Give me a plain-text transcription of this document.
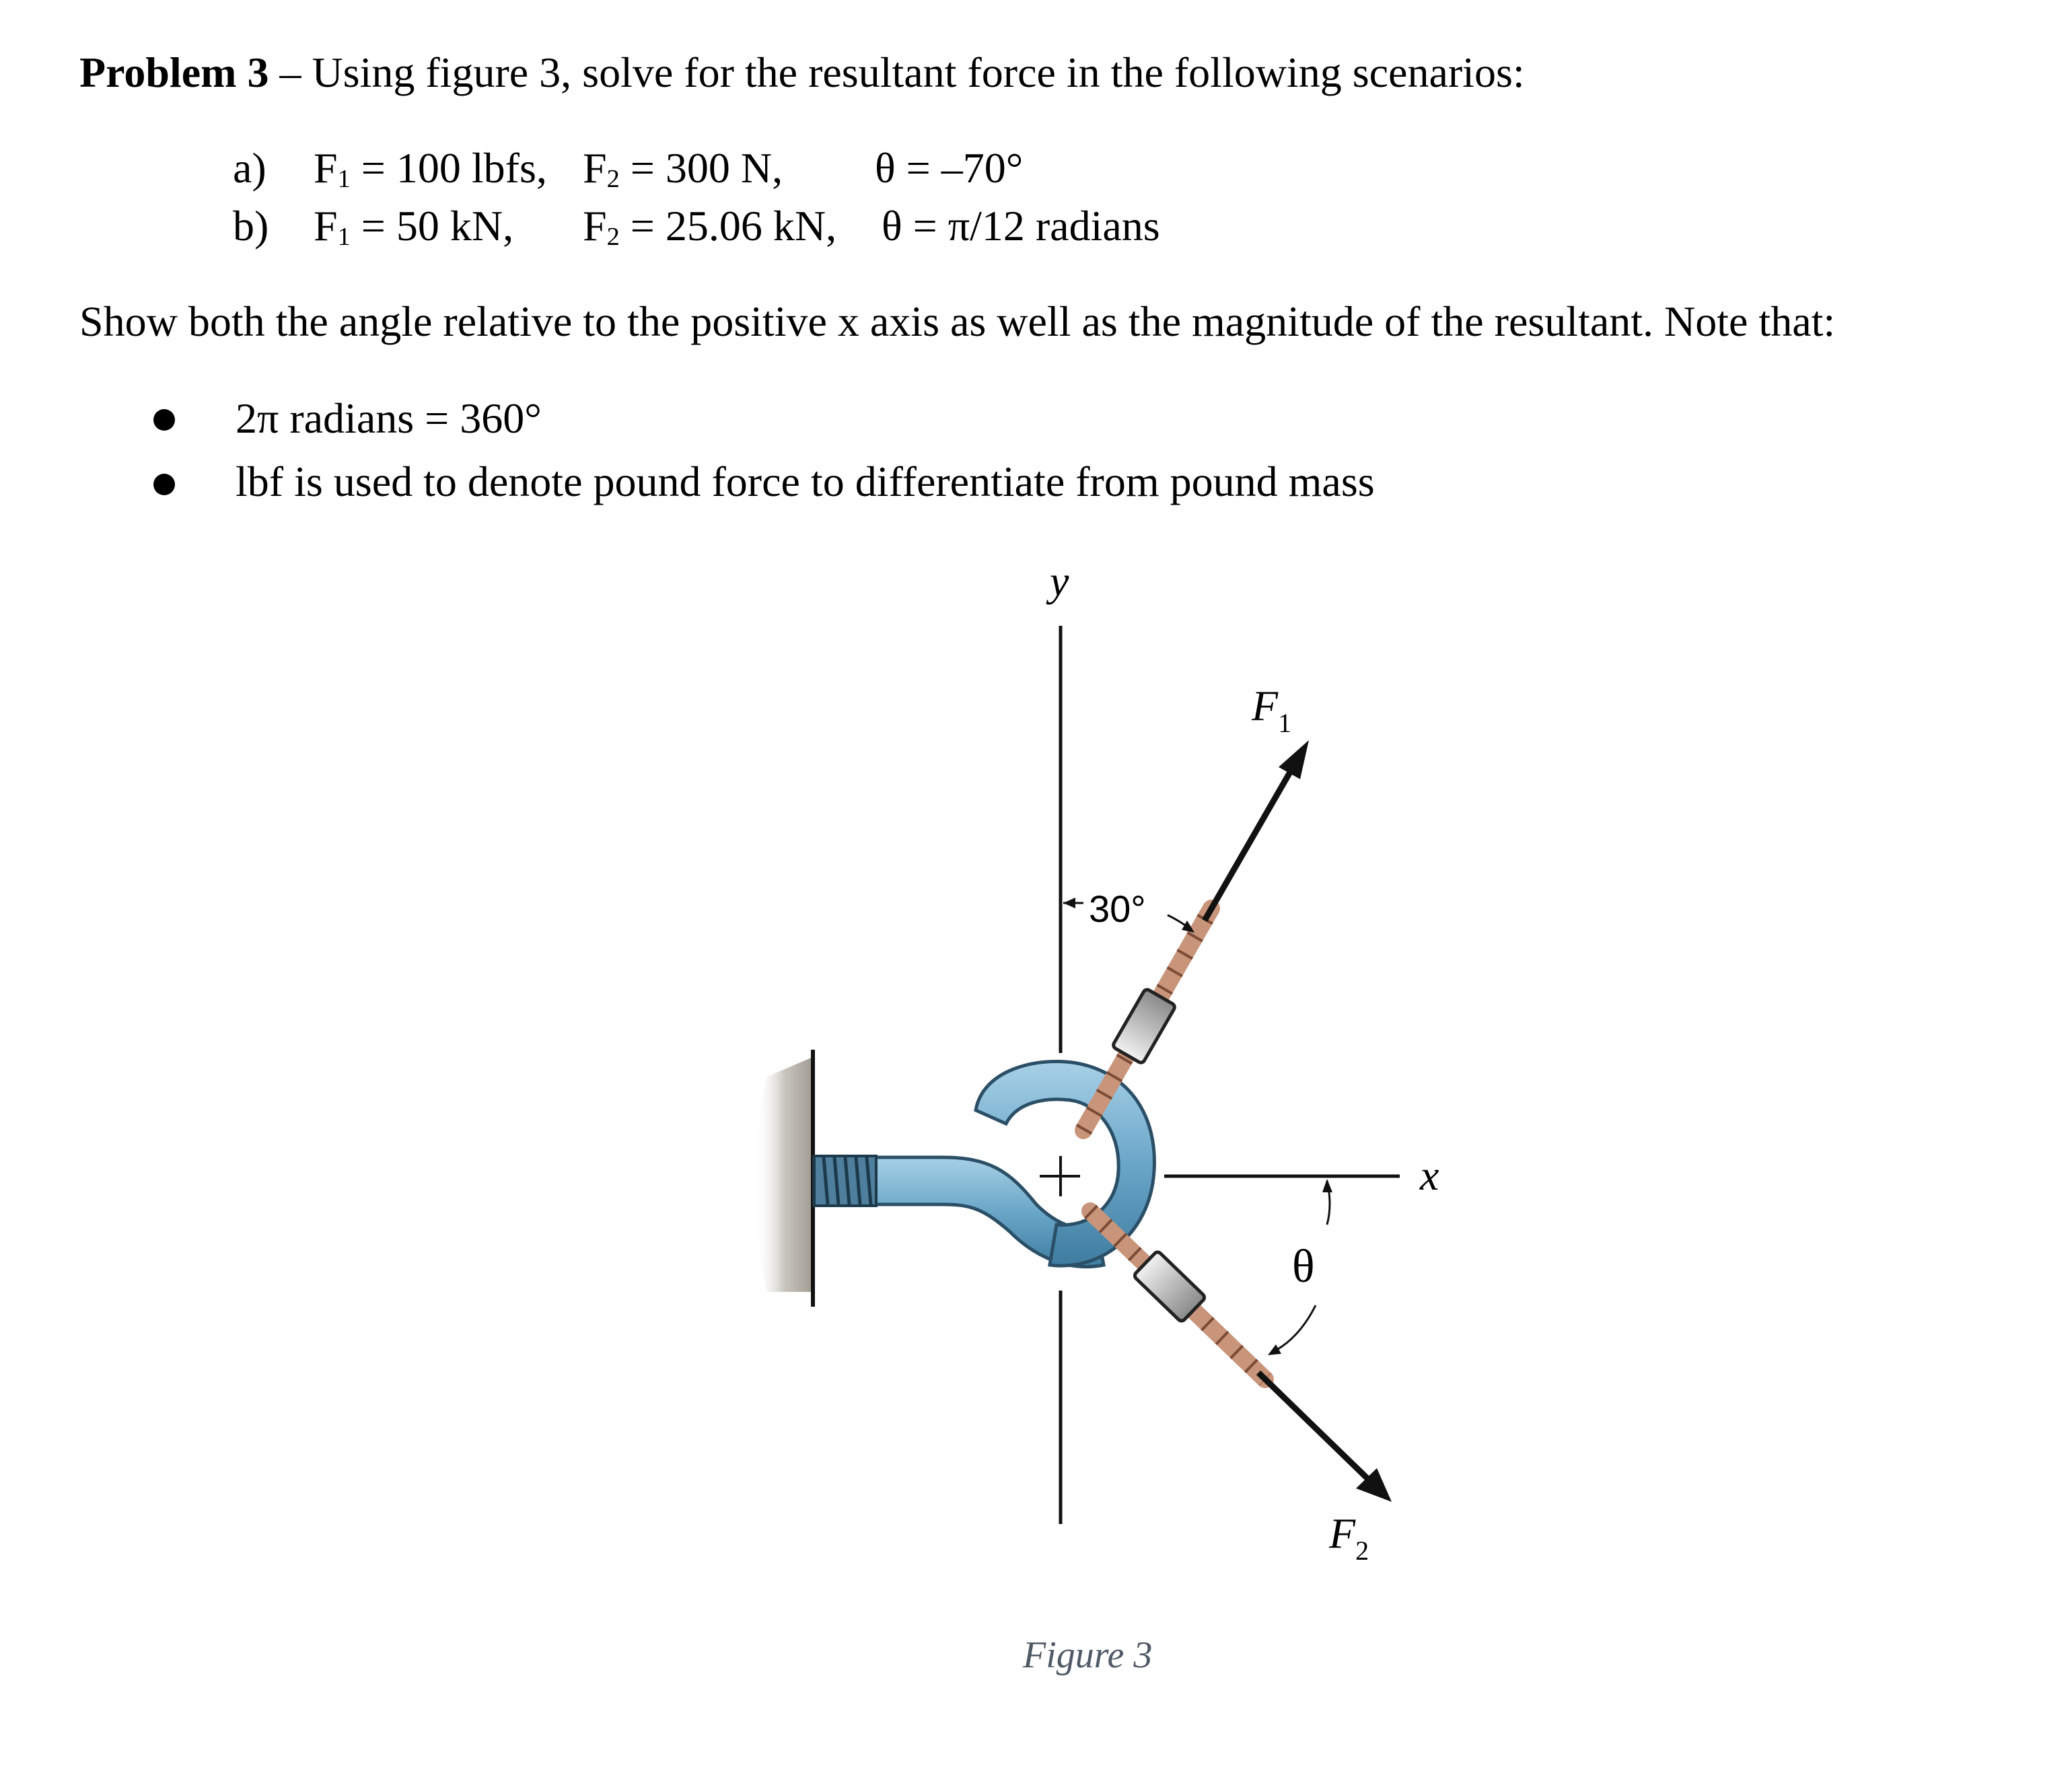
Problem 3 – Using figure 3, solve for the resultant force in the following scenarios:
a) F1 = 100 lbfs, F2 = 300 N, θ = –70°
b) F1 = 50 kN, F2 = 25.06 kN, θ = π/12 radians
Show both the angle relative to the positive x axis as well as the magnitude of the resultant. Note that:
2π radians = 360°
lbf is used to denote pound force to differentiate from pound mass
y
x
$F_1$
$F_2$
30°
θ
Figure 3
